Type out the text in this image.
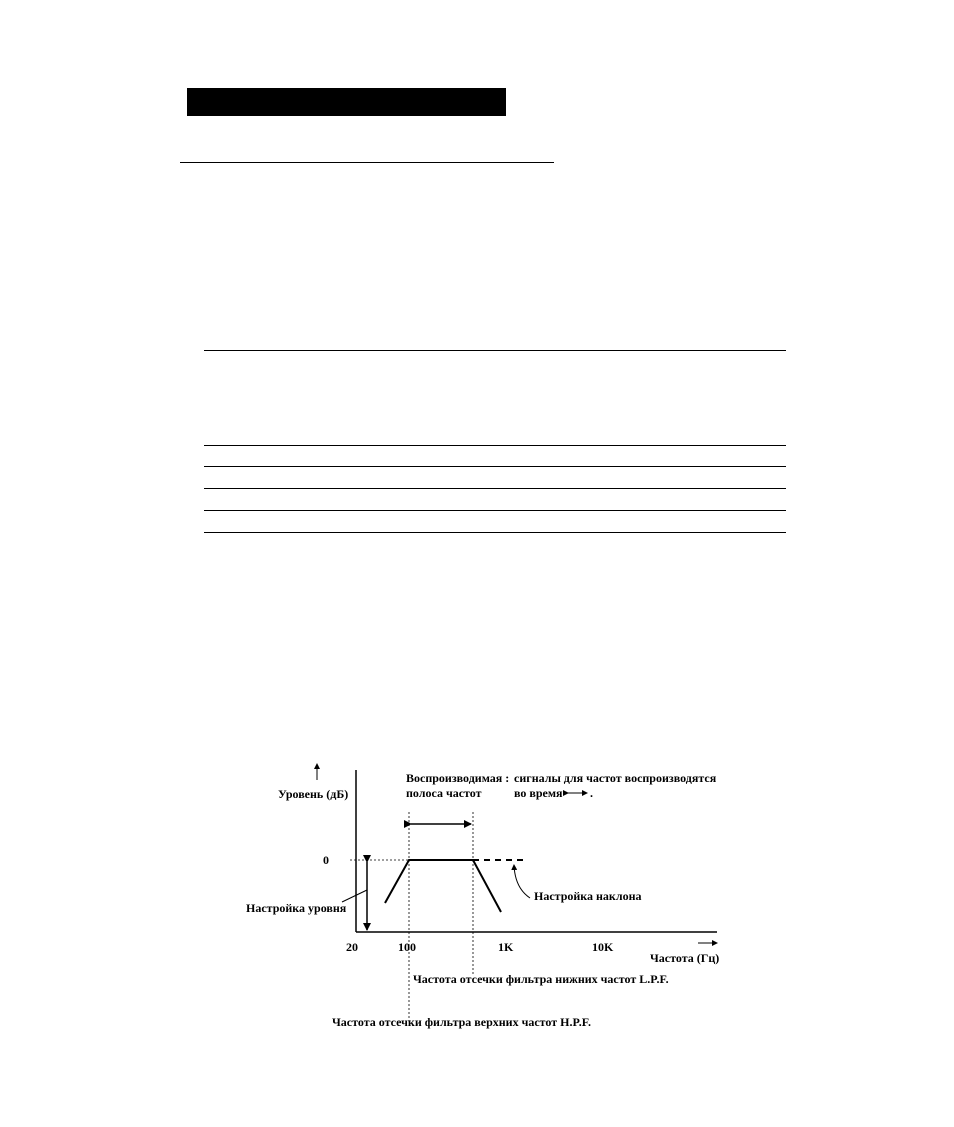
Уровень (дБ)
0
20	100	1K	10K
Частота (Гц)
Воспроизводимая :
полоса частот
сигналы для частот воспроизводятся
во время .
Настройка наклона
Настройка уровня
Частота отсечки фильтра нижних частот L.P.F.
Частота отсечки фильтра верхних частот H.P.F.
